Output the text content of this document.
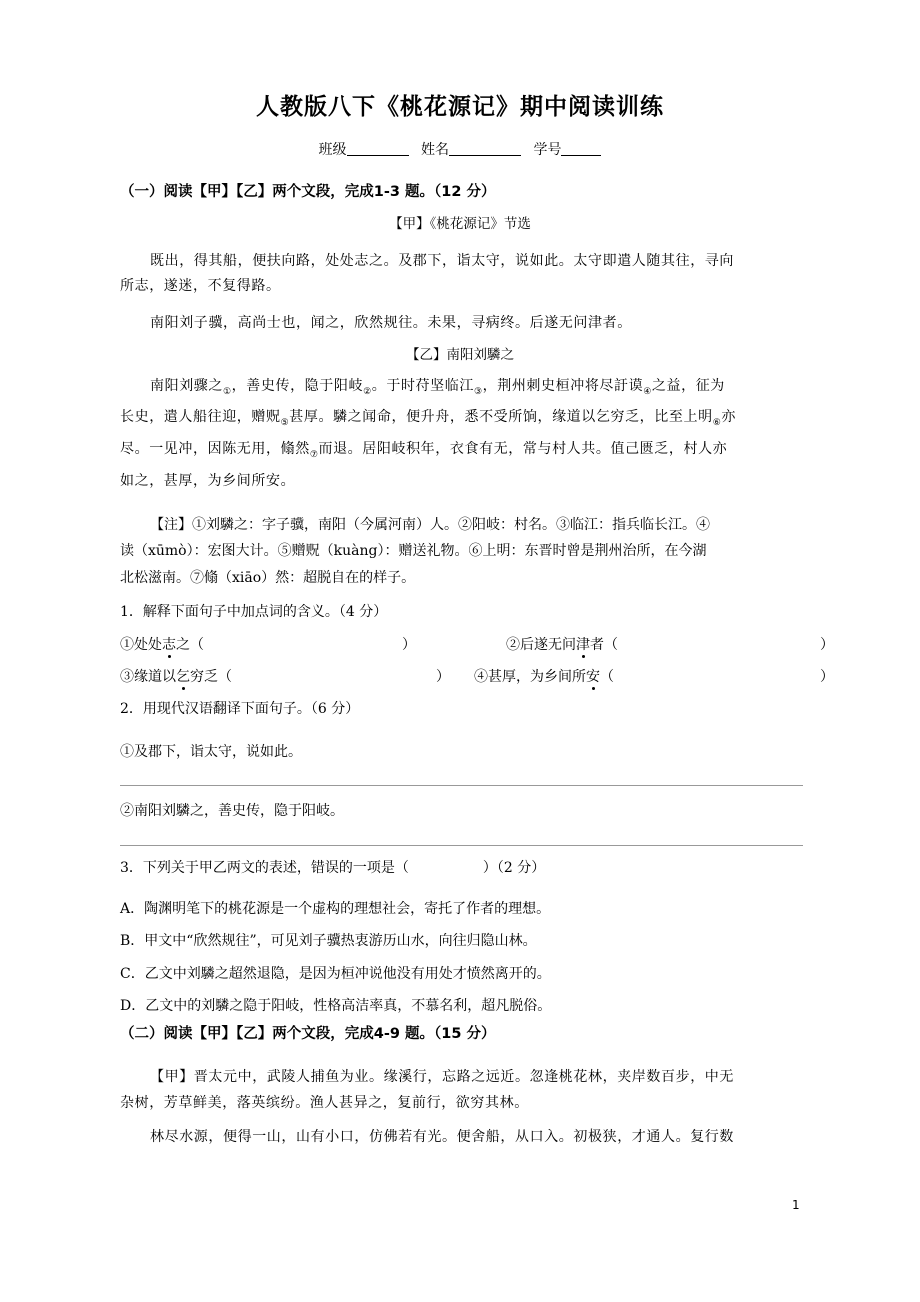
人教版八下《桃花源记》期中阅读训练
班级	姓名	学号
（一）阅读【甲】【乙】两个文段，完成1-3 题。（12 分）
【甲】《桃花源记》节选
既出，得其船，便扶向路，处处志之。及郡下，诣太守，说如此。太守即遣人随其往，寻向
所志，遂迷，不复得路。
南阳刘子骥，高尚士也，闻之，欣然规往。未果，寻病终。后遂无问津者。
【乙】南阳刘驎之
南阳刘骤之$_①$，善史传，隐于阳岐$_②$。于时苻坚临江$_③$，荆州刺史桓冲将尽訏谟$_④$之益，征为
长史，遣人船往迎，赠贶$_⑤$甚厚。驎之闻命，便升舟，悉不受所饷，缘道以乞穷乏，比至上明$_⑥$亦
尽。一见冲，因陈无用，翛然$_⑦$而退。居阳岐积年，衣食有无，常与村人共。值己匮乏，村人亦
如之，甚厚，为乡间所安。
【注】①刘驎之：字子骥，南阳（今属河南）人。②阳岐：村名。③临江：指兵临长江。④
读（xūmò）：宏图大计。⑤赠贶（kuàng）：赠送礼物。⑥上明：东晋时曾是荆州治所，在今湖
北松滋南。⑦翛（xiāo）然：超脱自在的样子。
1．解释下面句子中加点词的含义。（4 分）
①处处志之（	）	②后遂无问津者（	）
③缘道以乞穷乏（	） ④甚厚，为乡间所安（	）
2．用现代汉语翻译下面句子。（6 分）
①及郡下，诣太守，说如此。
②南阳刘驎之，善史传，隐于阳岐。
3．下列关于甲乙两文的表述，错误的一项是（	）（2 分）
A．陶渊明笔下的桃花源是一个虚构的理想社会，寄托了作者的理想。
B．甲文中“欣然规往”，可见刘子骥热衷游历山水，向往归隐山林。
C．乙文中刘驎之超然退隐，是因为桓冲说他没有用处才愤然离开的。
D．乙文中的刘驎之隐于阳岐，性格高洁率真，不慕名利，超凡脱俗。
（二）阅读【甲】【乙】两个文段，完成4-9 题。（15 分）
【甲】晋太元中，武陵人捕鱼为业。缘溪行，忘路之远近。忽逢桃花林，夹岸数百步，中无
杂树，芳草鲜美，落英缤纷。渔人甚异之，复前行，欲穷其林。
林尽水源，便得一山，山有小口，仿佛若有光。便舍船，从口入。初极狭，才通人。复行数
1
